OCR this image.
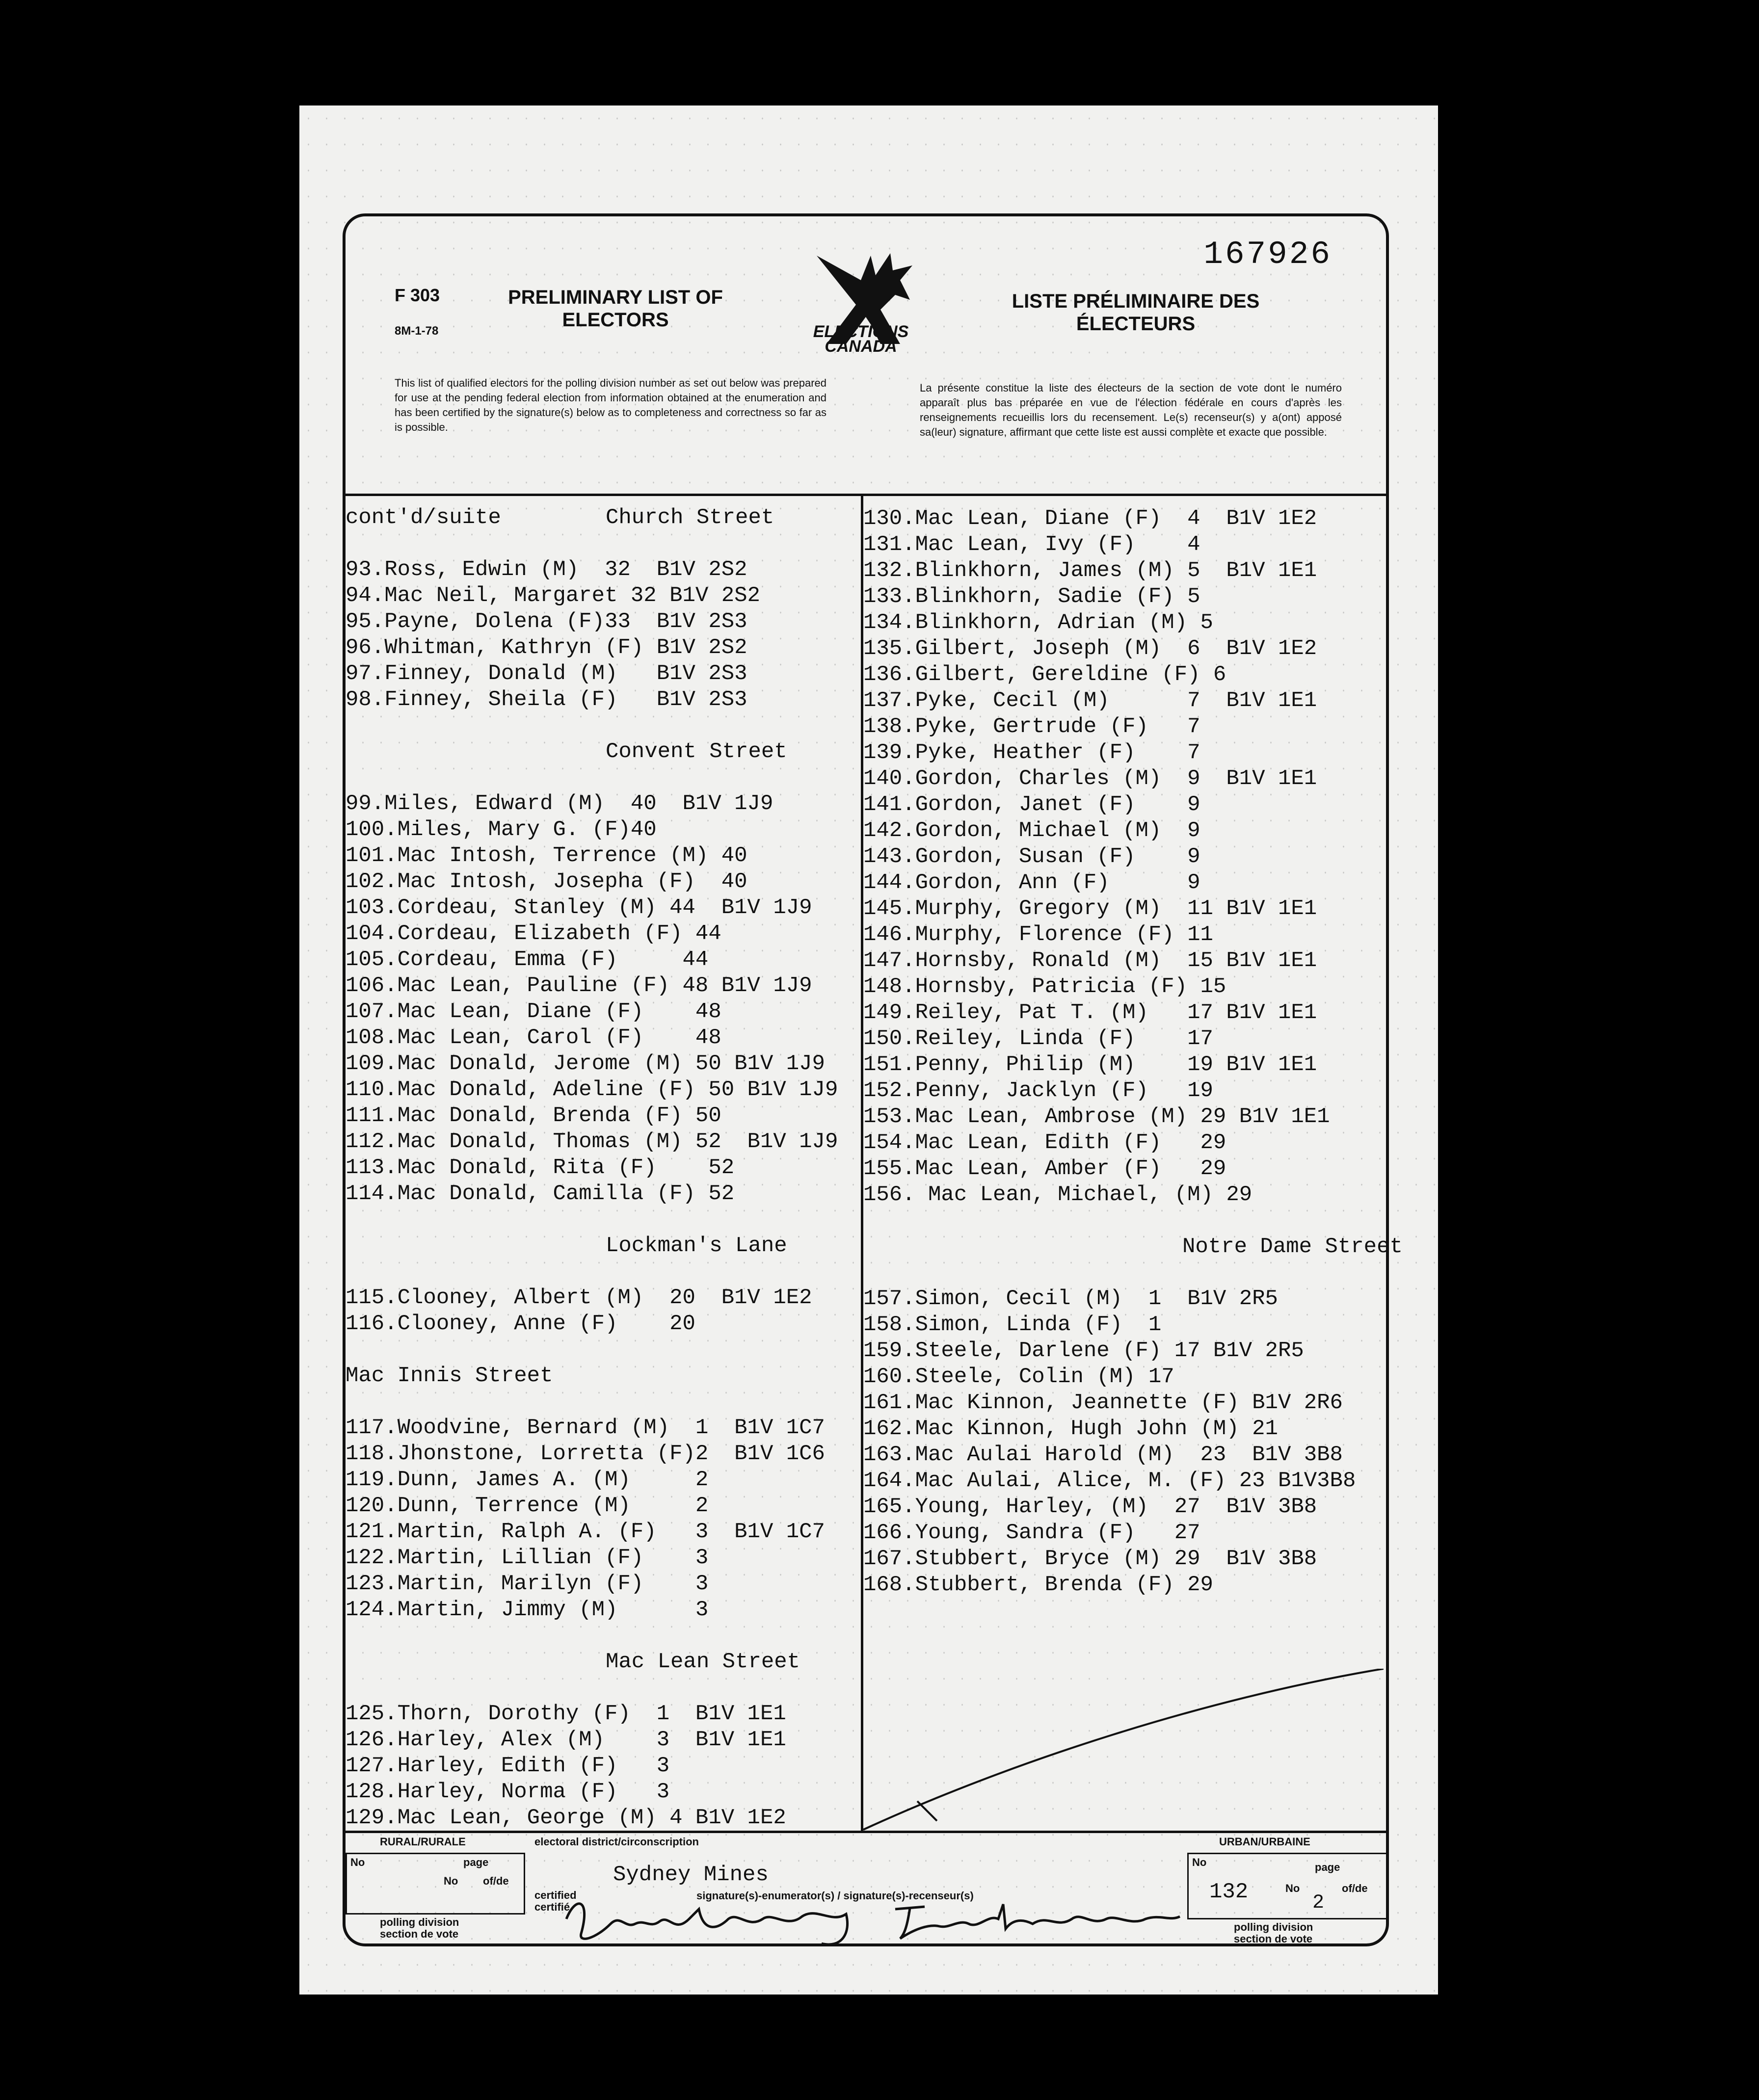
167926
F 303
8M-1-78
PRELIMINARY LIST OF ELECTORS
LISTE PRÉLIMINAIRE DES ÉLECTEURS
ELECTIONS CANADA
This list of qualified electors for the polling division number as set out below was prepared for use at the pending federal election from information obtained at the enumeration and has been certified by the signature(s) below as to completeness and correctness so far as is possible.
La présente constitue la liste des électeurs de la section de vote dont le numéro apparaît plus bas préparée en vue de l'élection fédérale en cours d'après les renseignements recueillis lors du recensement. Le(s) recenseur(s) y a(ont) apposé sa(leur) signature, affirmant que cette liste est aussi complète et exacte que possible.
cont'd/suite	Church Street
93.Ross, Edwin (M)  32  B1V 2S2
94.Mac Neil, Margaret 32 B1V 2S2
95.Payne, Dolena (F)33  B1V 2S3
96.Whitman, Kathryn (F) B1V 2S2
97.Finney, Donald (M)   B1V 2S3
98.Finney, Sheila (F)   B1V 2S3
Convent Street
99.Miles, Edward (M)  40  B1V 1J9
100.Miles, Mary G. (F)40
101.Mac Intosh, Terrence (M) 40
102.Mac Intosh, Josepha (F)  40
103.Cordeau, Stanley (M) 44  B1V 1J9
104.Cordeau, Elizabeth (F) 44
105.Cordeau, Emma (F)     44
106.Mac Lean, Pauline (F) 48 B1V 1J9
107.Mac Lean, Diane (F)    48
108.Mac Lean, Carol (F)    48
109.Mac Donald, Jerome (M) 50 B1V 1J9
110.Mac Donald, Adeline (F) 50 B1V 1J9
111.Mac Donald, Brenda (F) 50
112.Mac Donald, Thomas (M) 52  B1V 1J9
113.Mac Donald, Rita (F)    52
114.Mac Donald, Camilla (F) 52
Lockman's Lane
115.Clooney, Albert (M)  20  B1V 1E2
116.Clooney, Anne (F)    20
Mac Innis Street
117.Woodvine, Bernard (M)  1  B1V 1C7
118.Jhonstone, Lorretta (F)2  B1V 1C6
119.Dunn, James A. (M)     2
120.Dunn, Terrence (M)     2
121.Martin, Ralph A. (F)   3  B1V 1C7
122.Martin, Lillian (F)    3
123.Martin, Marilyn (F)    3
124.Martin, Jimmy (M)      3
Mac Lean Street
125.Thorn, Dorothy (F)  1  B1V 1E1
126.Harley, Alex (M)    3  B1V 1E1
127.Harley, Edith (F)   3
128.Harley, Norma (F)   3
129.Mac Lean, George (M) 4 B1V 1E2
130.Mac Lean, Diane (F)  4  B1V 1E2
131.Mac Lean, Ivy (F)    4
132.Blinkhorn, James (M) 5  B1V 1E1
133.Blinkhorn, Sadie (F) 5
134.Blinkhorn, Adrian (M) 5
135.Gilbert, Joseph (M)  6  B1V 1E2
136.Gilbert, Gereldine (F) 6
137.Pyke, Cecil (M)      7  B1V 1E1
138.Pyke, Gertrude (F)   7
139.Pyke, Heather (F)    7
140.Gordon, Charles (M)  9  B1V 1E1
141.Gordon, Janet (F)    9
142.Gordon, Michael (M)  9
143.Gordon, Susan (F)    9
144.Gordon, Ann (F)      9
145.Murphy, Gregory (M)  11 B1V 1E1
146.Murphy, Florence (F) 11
147.Hornsby, Ronald (M)  15 B1V 1E1
148.Hornsby, Patricia (F) 15
149.Reiley, Pat T. (M)   17 B1V 1E1
150.Reiley, Linda (F)    17
151.Penny, Philip (M)    19 B1V 1E1
152.Penny, Jacklyn (F)   19
153.Mac Lean, Ambrose (M) 29 B1V 1E1
154.Mac Lean, Edith (F)   29
155.Mac Lean, Amber (F)   29
156. Mac Lean, Michael, (M) 29
Notre Dame Street
157.Simon, Cecil (M)  1  B1V 2R5
158.Simon, Linda (F)  1
159.Steele, Darlene (F) 17 B1V 2R5
160.Steele, Colin (M) 17
161.Mac Kinnon, Jeannette (F) B1V 2R6
162.Mac Kinnon, Hugh John (M) 21
163.Mac Aulai Harold (M)  23  B1V 3B8
164.Mac Aulai, Alice, M. (F) 23 B1V3B8
165.Young, Harley, (M)  27  B1V 3B8
166.Young, Sandra (F)   27
167.Stubbert, Bryce (M) 29  B1V 3B8
168.Stubbert, Brenda (F) 29
RURAL/RURALE
No	page
No of/de
polling division section de vote
electoral district/circonscription
Sydney Mines
certified certifié
signature(s)-enumerator(s) / signature(s)-recenseur(s)
URBAN/URBAINE
No	page
132	No	of/de
2
polling division section de vote
